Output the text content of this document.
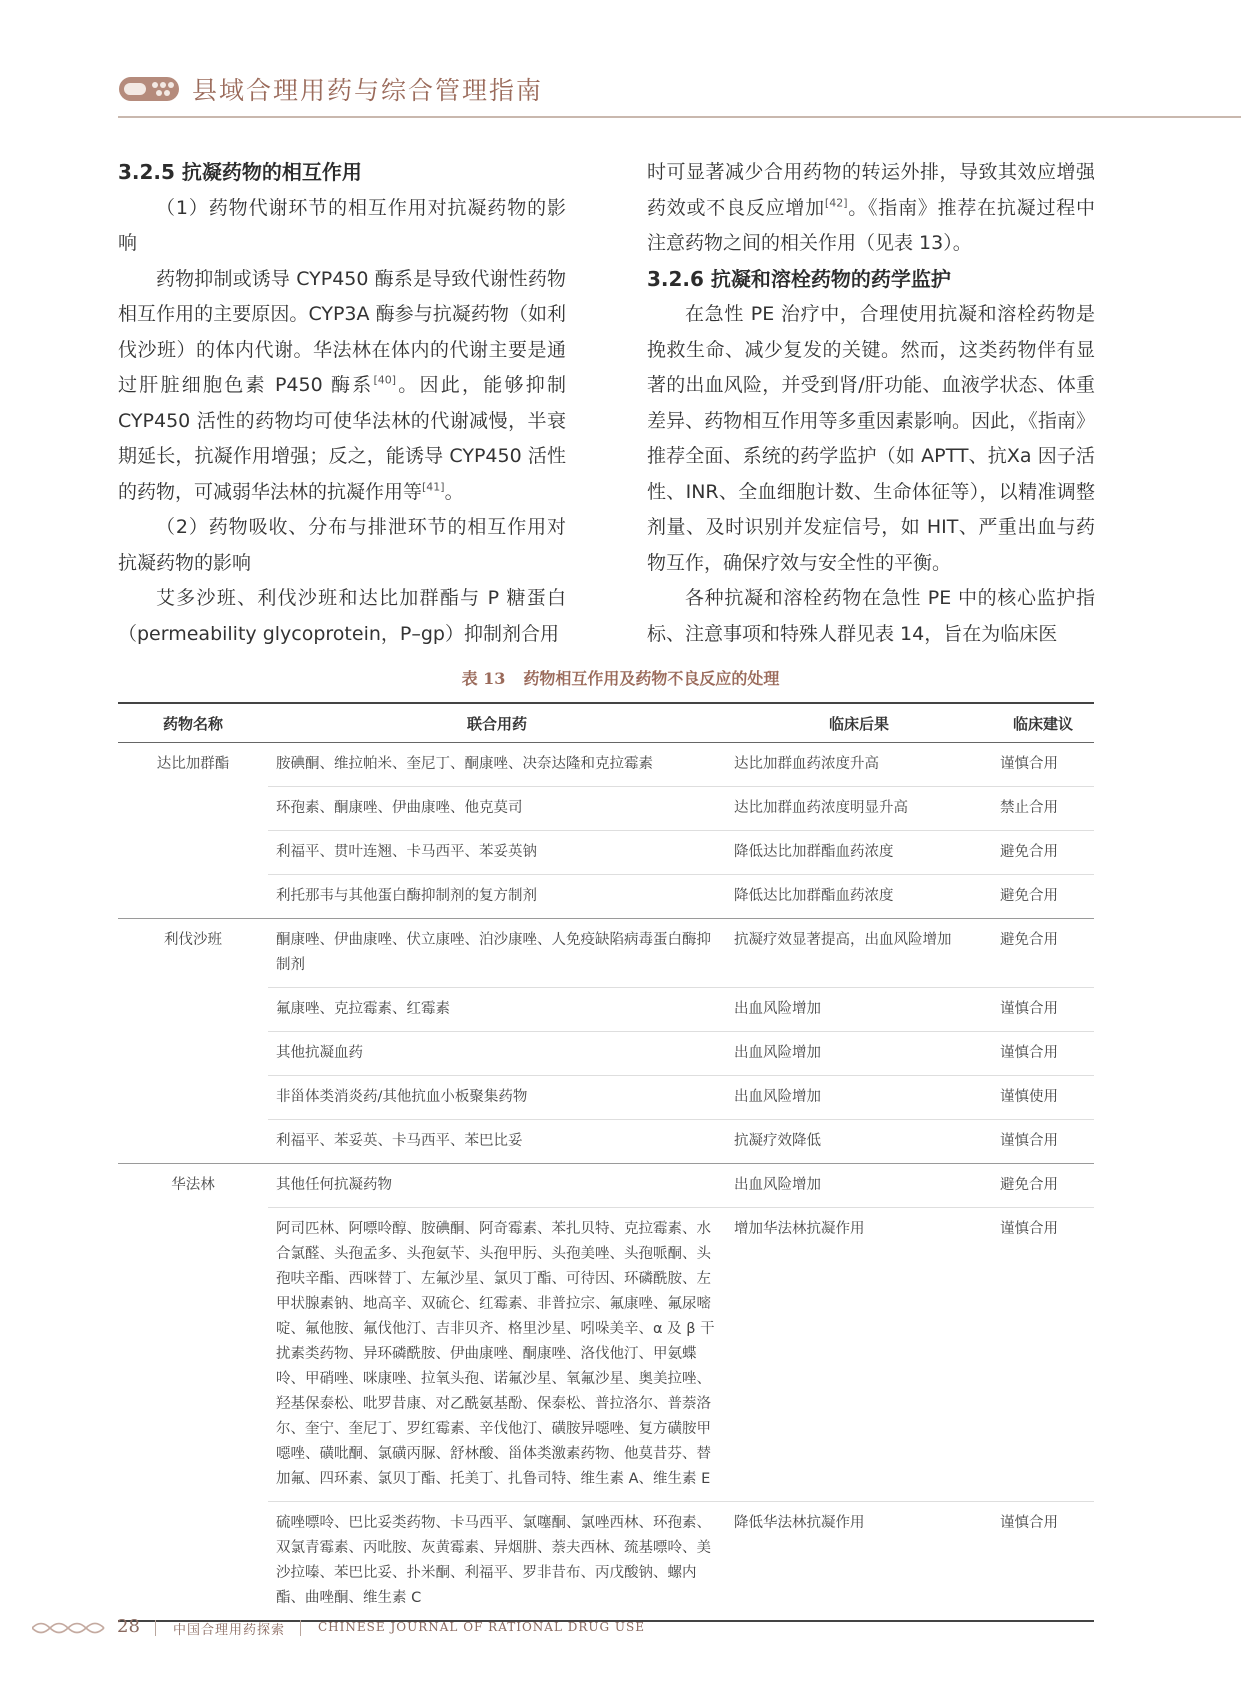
县域合理用药与综合管理指南
3.2.5 抗凝药物的相互作用

（1）药物代谢环节的相互作用对抗凝药物的影响

药物抑制或诱导 CYP450 酶系是导致代谢性药物相互作用的主要原因。CYP3A 酶参与抗凝药物（如利伐沙班）的体内代谢。华法林在体内的代谢主要是通过肝脏细胞色素 P450 酶系[40]。因此，能够抑制 CYP450 活性的药物均可使华法林的代谢减慢，半衰期延长，抗凝作用增强；反之，能诱导 CYP450 活性的药物，可减弱华法林的抗凝作用等[41]。

（2）药物吸收、分布与排泄环节的相互作用对抗凝药物的影响

艾多沙班、利伐沙班和达比加群酯与 P 糖蛋白（permeability glycoprotein，P–gp）抑制剂合用

时可显著减少合用药物的转运外排，导致其效应增强药效或不良反应增加[42]。《指南》推荐在抗凝过程中注意药物之间的相关作用（见表 13）。

3.2.6 抗凝和溶栓药物的药学监护

在急性 PE 治疗中，合理使用抗凝和溶栓药物是挽救生命、减少复发的关键。然而，这类药物伴有显著的出血风险，并受到肾/肝功能、血液学状态、体重差异、药物相互作用等多重因素影响。因此，《指南》推荐全面、系统的药学监护（如 APTT、抗Xa 因子活性、INR、全血细胞计数、生命体征等），以精准调整剂量、及时识别并发症信号，如 HIT、严重出血与药物互作，确保疗效与安全性的平衡。

各种抗凝和溶栓药物在急性 PE 中的核心监护指标、注意事项和特殊人群见表 14，旨在为临床医

表 13 药物相互作用及药物不良反应的处理
药物名称	联合用药	临床后果	临床建议
达比加群酯	胺碘酮、维拉帕米、奎尼丁、酮康唑、决奈达隆和克拉霉素	达比加群血药浓度升高	谨慎合用
	环孢素、酮康唑、伊曲康唑、他克莫司	达比加群血药浓度明显升高	禁止合用
	利福平、贯叶连翘、卡马西平、苯妥英钠	降低达比加群酯血药浓度	避免合用
	利托那韦与其他蛋白酶抑制剂的复方制剂	降低达比加群酯血药浓度	避免合用
利伐沙班	酮康唑、伊曲康唑、伏立康唑、泊沙康唑、人免疫缺陷病毒蛋白酶抑制剂	抗凝疗效显著提高，出血风险增加	避免合用
	氟康唑、克拉霉素、红霉素	出血风险增加	谨慎合用
	其他抗凝血药	出血风险增加	谨慎合用
	非甾体类消炎药/其他抗血小板聚集药物	出血风险增加	谨慎使用
	利福平、苯妥英、卡马西平、苯巴比妥	抗凝疗效降低	谨慎合用
华法林	其他任何抗凝药物	出血风险增加	避免合用
	阿司匹林、阿嘌呤醇、胺碘酮、阿奇霉素、苯扎贝特、克拉霉素、水合氯醛、头孢孟多、头孢氨苄、头孢甲肟、头孢美唑、头孢哌酮、头孢呋辛酯、西咪替丁、左氟沙星、氯贝丁酯、可待因、环磷酰胺、左甲状腺素钠、地高辛、双硫仑、红霉素、非普拉宗、氟康唑、氟尿嘧啶、氟他胺、氟伐他汀、吉非贝齐、格里沙星、吲哚美辛、α 及 β 干扰素类药物、异环磷酰胺、伊曲康唑、酮康唑、洛伐他汀、甲氨蝶呤、甲硝唑、咪康唑、拉氧头孢、诺氟沙星、氧氟沙星、奥美拉唑、羟基保泰松、吡罗昔康、对乙酰氨基酚、保泰松、普拉洛尔、普萘洛尔、奎宁、奎尼丁、罗红霉素、辛伐他汀、磺胺异噁唑、复方磺胺甲噁唑、磺吡酮、氯磺丙脲、舒林酸、甾体类激素药物、他莫昔芬、替加氟、四环素、氯贝丁酯、托美丁、扎鲁司特、维生素 A、维生素 E	增加华法林抗凝作用	谨慎合用
	硫唑嘌呤、巴比妥类药物、卡马西平、氯噻酮、氯唑西林、环孢素、双氯青霉素、丙吡胺、灰黄霉素、异烟肼、萘夫西林、巯基嘌呤、美沙拉嗪、苯巴比妥、扑米酮、利福平、罗非昔布、丙戊酸钠、螺内酯、曲唑酮、维生素 C	降低华法林抗凝作用	谨慎合用
28	中国合理用药探索	CHINESE JOURNAL OF RATIONAL DRUG USE
